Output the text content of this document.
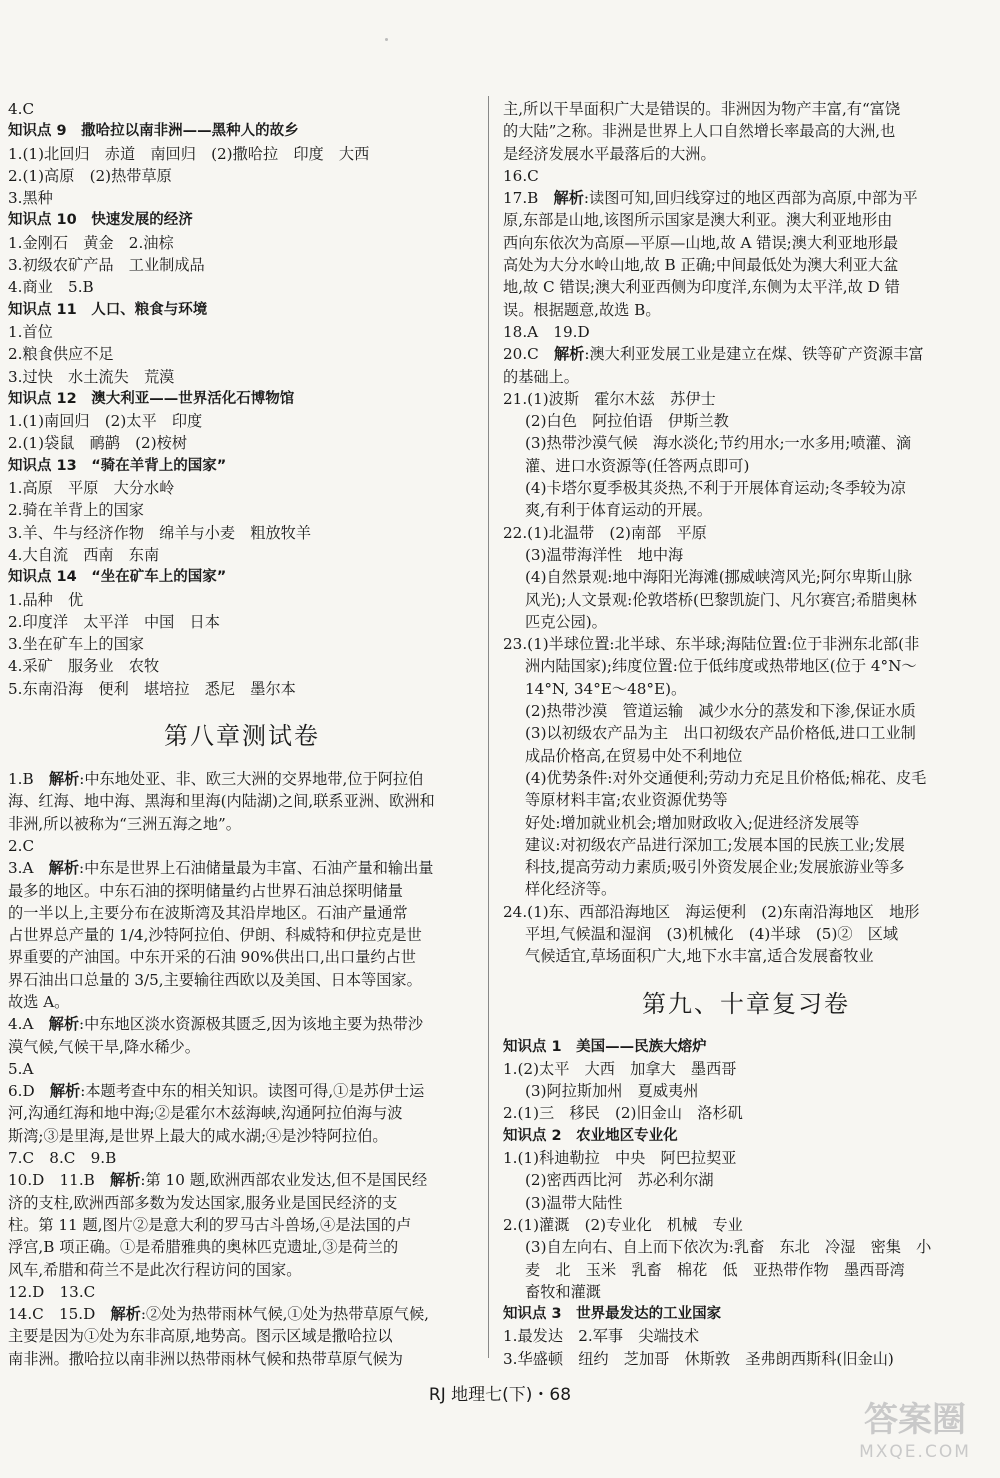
4.C
知识点 9　撒哈拉以南非洲——黑种人的故乡
1.(1)北回归　赤道　南回归　(2)撒哈拉　印度　大西
2.(1)高原　(2)热带草原
3.黑种
知识点 10　快速发展的经济
1.金刚石　黄金　2.油棕
3.初级农矿产品　工业制成品
4.商业　5.B
知识点 11　人口、粮食与环境
1.首位
2.粮食供应不足
3.过快　水土流失　荒漠
知识点 12　澳大利亚——世界活化石博物馆
1.(1)南回归　(2)太平　印度
2.(1)袋鼠　鸸鹋　(2)桉树
知识点 13　“骑在羊背上的国家”
1.高原　平原　大分水岭
2.骑在羊背上的国家
3.羊、牛与经济作物　绵羊与小麦　粗放牧羊
4.大自流　西南　东南
知识点 14　“坐在矿车上的国家”
1.品种　优
2.印度洋　太平洋　中国　日本
3.坐在矿车上的国家
4.采矿　服务业　农牧
5.东南沿海　便利　堪培拉　悉尼　墨尔本
第八章测试卷
1.B　解析:中东地处亚、非、欧三大洲的交界地带,位于阿拉伯
海、红海、地中海、黑海和里海(内陆湖)之间,联系亚洲、欧洲和
非洲,所以被称为“三洲五海之地”。
2.C
3.A　解析:中东是世界上石油储量最为丰富、石油产量和输出量
最多的地区。中东石油的探明储量约占世界石油总探明储量
的一半以上,主要分布在波斯湾及其沿岸地区。石油产量通常
占世界总产量的 1/4,沙特阿拉伯、伊朗、科威特和伊拉克是世
界重要的产油国。中东开采的石油 90%供出口,出口量约占世
界石油出口总量的 3/5,主要输往西欧以及美国、日本等国家。
故选 A。
4.A　解析:中东地区淡水资源极其匮乏,因为该地主要为热带沙
漠气候,气候干旱,降水稀少。
5.A
6.D　解析:本题考查中东的相关知识。读图可得,①是苏伊士运
河,沟通红海和地中海;②是霍尔木兹海峡,沟通阿拉伯海与波
斯湾;③是里海,是世界上最大的咸水湖;④是沙特阿拉伯。
7.C　8.C　9.B
10.D　11.B　解析:第 10 题,欧洲西部农业发达,但不是国民经
济的支柱,欧洲西部多数为发达国家,服务业是国民经济的支
柱。第 11 题,图片②是意大利的罗马古斗兽场,④是法国的卢
浮宫,B 项正确。①是希腊雅典的奥林匹克遗址,③是荷兰的
风车,希腊和荷兰不是此次行程访问的国家。
12.D　13.C
14.C　15.D　解析:②处为热带雨林气候,①处为热带草原气候,
主要是因为①处为东非高原,地势高。图示区域是撒哈拉以
南非洲。撒哈拉以南非洲以热带雨林气候和热带草原气候为
主,所以干旱面积广大是错误的。非洲因为物产丰富,有“富饶
的大陆”之称。非洲是世界上人口自然增长率最高的大洲,也
是经济发展水平最落后的大洲。
16.C
17.B　解析:读图可知,回归线穿过的地区西部为高原,中部为平
原,东部是山地,该图所示国家是澳大利亚。澳大利亚地形由
西向东依次为高原—平原—山地,故 A 错误;澳大利亚地形最
高处为大分水岭山地,故 B 正确;中间最低处为澳大利亚大盆
地,故 C 错误;澳大利亚西侧为印度洋,东侧为太平洋,故 D 错
误。根据题意,故选 B。
18.A　19.D
20.C　解析:澳大利亚发展工业是建立在煤、铁等矿产资源丰富
的基础上。
21.(1)波斯　霍尔木兹　苏伊士
(2)白色　阿拉伯语　伊斯兰教
(3)热带沙漠气候　海水淡化;节约用水;一水多用;喷灌、滴
灌、进口水资源等(任答两点即可)
(4)卡塔尔夏季极其炎热,不利于开展体育运动;冬季较为凉
爽,有利于体育运动的开展。
22.(1)北温带　(2)南部　平原
(3)温带海洋性　地中海
(4)自然景观:地中海阳光海滩(挪威峡湾风光;阿尔卑斯山脉
风光);人文景观:伦敦塔桥(巴黎凯旋门、凡尔赛宫;希腊奥林
匹克公园)。
23.(1)半球位置:北半球、东半球;海陆位置:位于非洲东北部(非
洲内陆国家);纬度位置:位于低纬度或热带地区(位于 4°N～
14°N, 34°E～48°E)。
(2)热带沙漠　管道运输　减少水分的蒸发和下渗,保证水质
(3)以初级农产品为主　出口初级农产品价格低,进口工业制
成品价格高,在贸易中处不利地位
(4)优势条件:对外交通便利;劳动力充足且价格低;棉花、皮毛
等原材料丰富;农业资源优势等
好处:增加就业机会;增加财政收入;促进经济发展等
建议:对初级农产品进行深加工;发展本国的民族工业;发展
科技,提高劳动力素质;吸引外资发展企业;发展旅游业等多
样化经济等。
24.(1)东、西部沿海地区　海运便利　(2)东南沿海地区　地形
平坦,气候温和湿润　(3)机械化　(4)半球　(5)②　区域
气候适宜,草场面积广大,地下水丰富,适合发展畜牧业
第九、十章复习卷
知识点 1　美国——民族大熔炉
1.(2)太平　大西　加拿大　墨西哥
(3)阿拉斯加州　夏威夷州
2.(1)三　移民　(2)旧金山　洛杉矶
知识点 2　农业地区专业化
1.(1)科迪勒拉　中央　阿巴拉契亚
(2)密西西比河　苏必利尔湖
(3)温带大陆性
2.(1)灌溉　(2)专业化　机械　专业
(3)自左向右、自上而下依次为:乳畜　东北　冷湿　密集　小
麦　北　玉米　乳畜　棉花　低　亚热带作物　墨西哥湾
畜牧和灌溉
知识点 3　世界最发达的工业国家
1.最发达　2.军事　尖端技术
3.华盛顿　纽约　芝加哥　休斯敦　圣弗朗西斯科(旧金山)
RJ 地理七(下)・68
答案圈
MXQE.COM
